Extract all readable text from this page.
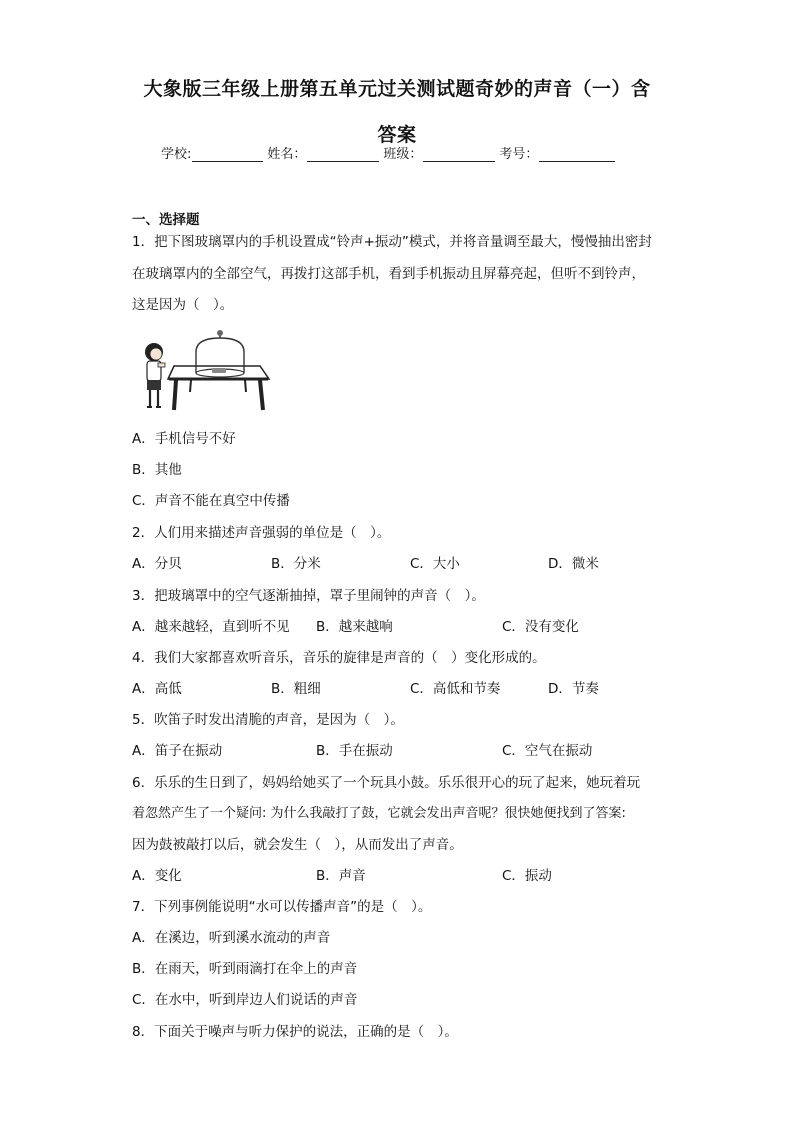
大象版三年级上册第五单元过关测试题奇妙的声音（一）含
答案
学校:	姓名：	班级：	考号：
一、选择题
1．把下图玻璃罩内的手机设置成“铃声+振动”模式，并将音量调至最大，慢慢抽出密封
在玻璃罩内的全部空气，再拨打这部手机，看到手机振动且屏幕亮起，但听不到铃声，
这是因为（　）。
A．手机信号不好
B．其他
C．声音不能在真空中传播
2．人们用来描述声音强弱的单位是（　）。
A．分贝	B．分米	C．大小	D．微米
3．把玻璃罩中的空气逐渐抽掉，罩子里闹钟的声音（　）。
A．越来越轻，直到听不见 B．越来越响	C．没有变化
4．我们大家都喜欢听音乐，音乐的旋律是声音的（　）变化形成的。
A．高低	B．粗细	C．高低和节奏	D．节奏
5．吹笛子时发出清脆的声音，是因为（　）。
A．笛子在振动	B．手在振动	C．空气在振动
6．乐乐的生日到了，妈妈给她买了一个玩具小鼓。乐乐很开心的玩了起来，她玩着玩
着忽然产生了一个疑问: 为什么我敲打了鼓，它就会发出声音呢？很快她便找到了答案:
因为鼓被敲打以后，就会发生（　），从而发出了声音。
A．变化	B．声音	C．振动
7．下列事例能说明“水可以传播声音”的是（　）。
A．在溪边，听到溪水流动的声音
B．在雨天，听到雨滴打在伞上的声音
C．在水中，听到岸边人们说话的声音
8．下面关于噪声与听力保护的说法，正确的是（　）。
